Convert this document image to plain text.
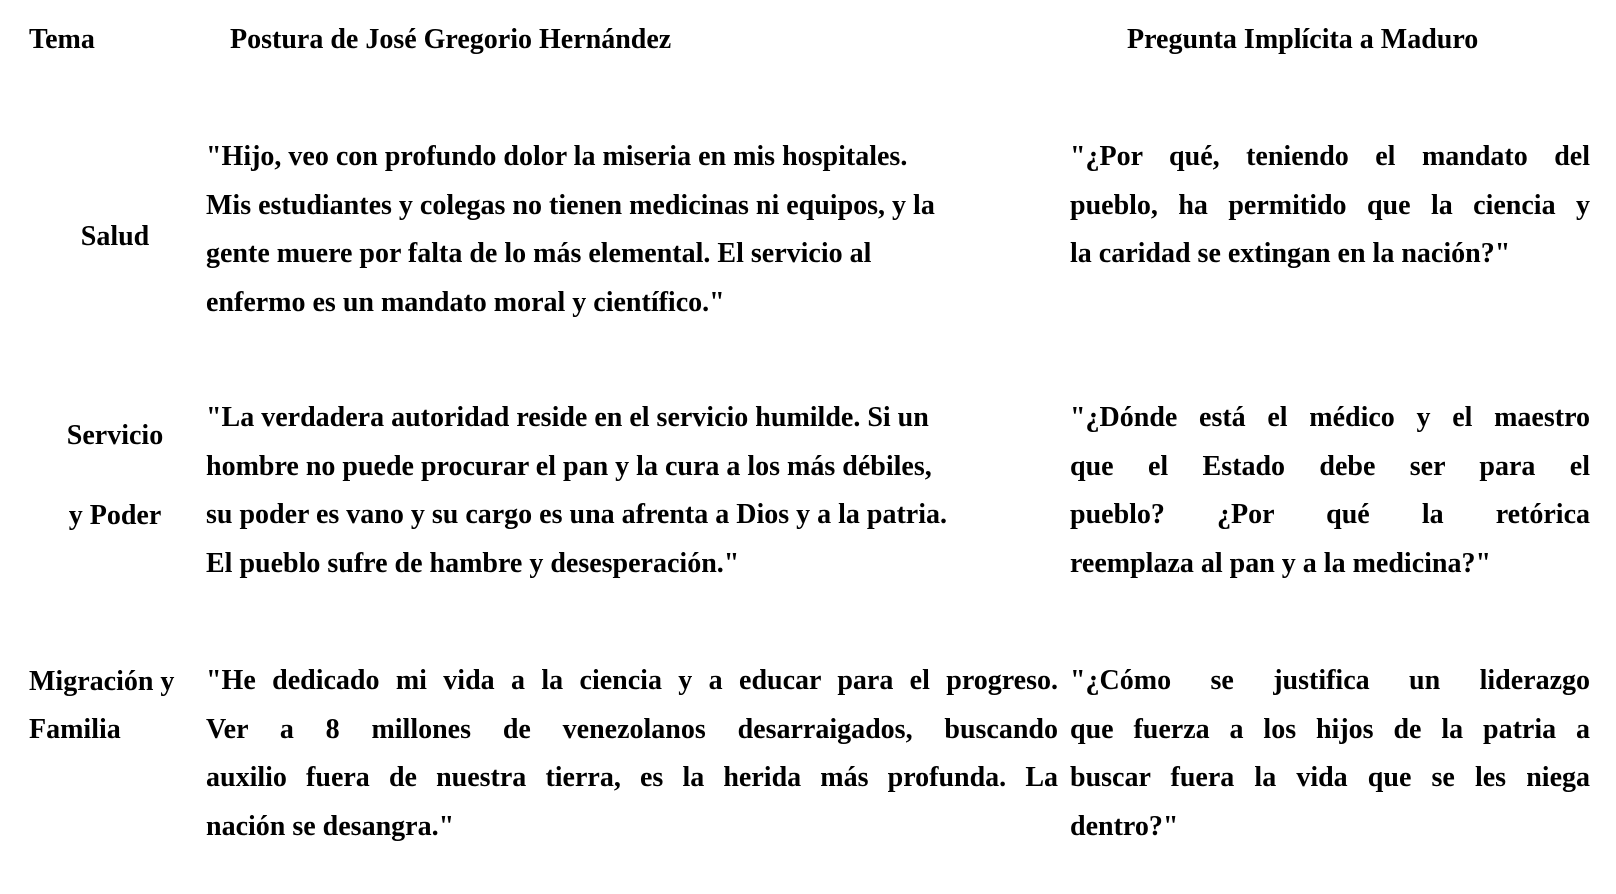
Tema	Postura de José Gregorio Hernández	Pregunta Implícita a Maduro
Salud
"Hijo, veo con profundo dolor la miseria en mis hospitales.
Mis estudiantes y colegas no tienen medicinas ni equipos, y la
gente muere por falta de lo más elemental. El servicio al
enfermo es un mandato moral y científico."
"¿Por qué, teniendo el mandato del
pueblo, ha permitido que la ciencia y
la caridad se extingan en la nación?"
Servicio
y Poder
"La verdadera autoridad reside en el servicio humilde. Si un
hombre no puede procurar el pan y la cura a los más débiles,
su poder es vano y su cargo es una afrenta a Dios y a la patria.
El pueblo sufre de hambre y desesperación."
"¿Dónde está el médico y el maestro
que el Estado debe ser para el
pueblo? ¿Por qué la retórica
reemplaza al pan y a la medicina?"
Migración y
Familia
"He dedicado mi vida a la ciencia y a educar para el progreso.
Ver a 8 millones de venezolanos desarraigados, buscando
auxilio fuera de nuestra tierra, es la herida más profunda. La
nación se desangra."
"¿Cómo se justifica un liderazgo
que fuerza a los hijos de la patria a
buscar fuera la vida que se les niega
dentro?"
